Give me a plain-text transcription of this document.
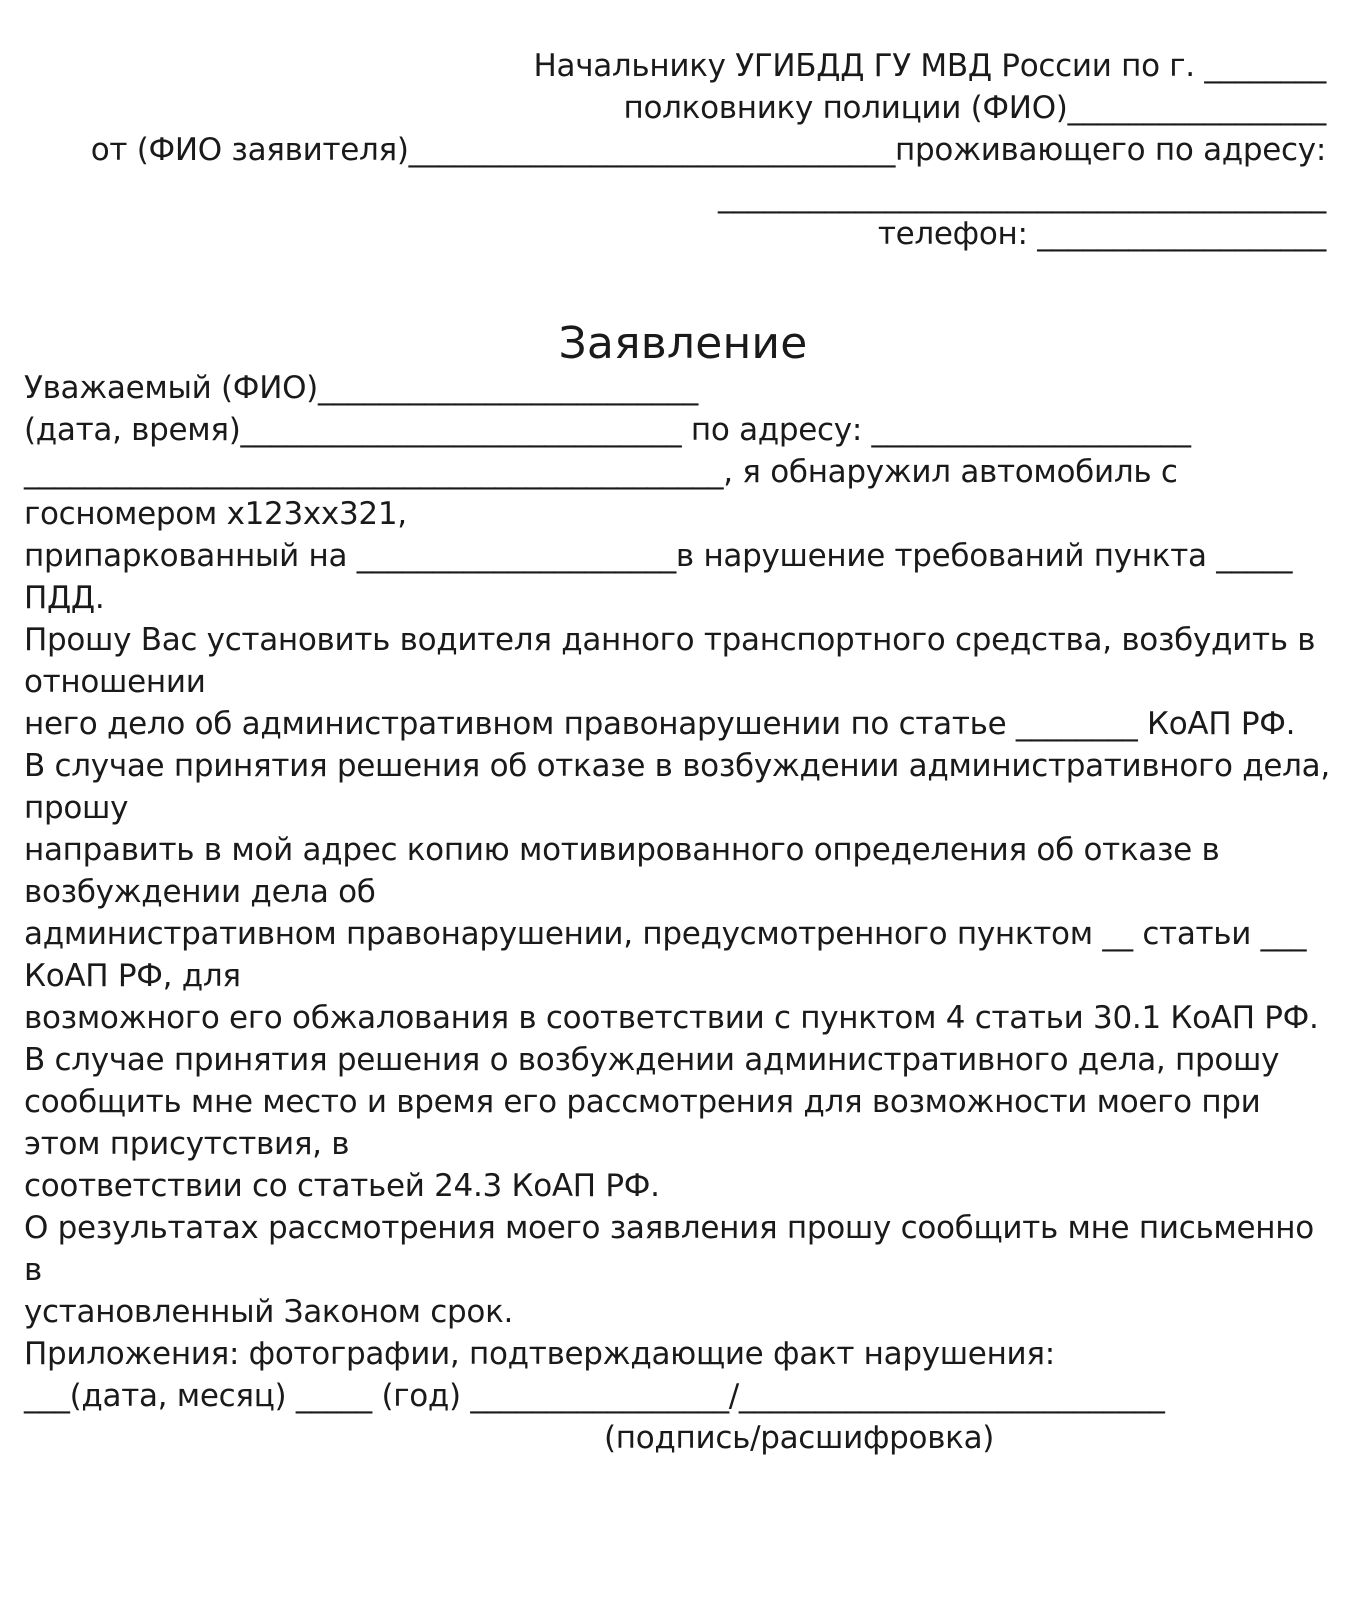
Начальнику УГИБДД ГУ МВД России по г. ________
полковнику полиции (ФИО)_________________
от (ФИО заявителя)________________________________проживающего по адресу:
________________________________________
телефон: ___________________
Заявление
Уважаемый (ФИО)_________________________
(дата, время)_____________________________ по адресу: _____________________
______________________________________________, я обнаружил автомобиль с
госномером х123хх321,
припаркованный на _____________________в нарушение требований пункта _____
ПДД.
Прошу Вас установить водителя данного транспортного средства, возбудить в
отношении
него дело об административном правонарушении по статье ________ КоАП РФ.
В случае принятия решения об отказе в возбуждении административного дела,
прошу
направить в мой адрес копию мотивированного определения об отказе в
возбуждении дела об
административном правонарушении, предусмотренного пунктом __ статьи ___
КоАП РФ, для
возможного его обжалования в соответствии с пунктом 4 статьи 30.1 КоАП РФ.
В случае принятия решения о возбуждении административного дела, прошу
сообщить мне место и время его рассмотрения для возможности моего при
этом присутствия, в
соответствии со статьей 24.3 КоАП РФ.
О результатах рассмотрения моего заявления прошу сообщить мне письменно
в
установленный Законом срок.
Приложения: фотографии, подтверждающие факт нарушения:
___(дата, месяц) _____ (год) _________________/____________________________
(подпись/расшифровка)
